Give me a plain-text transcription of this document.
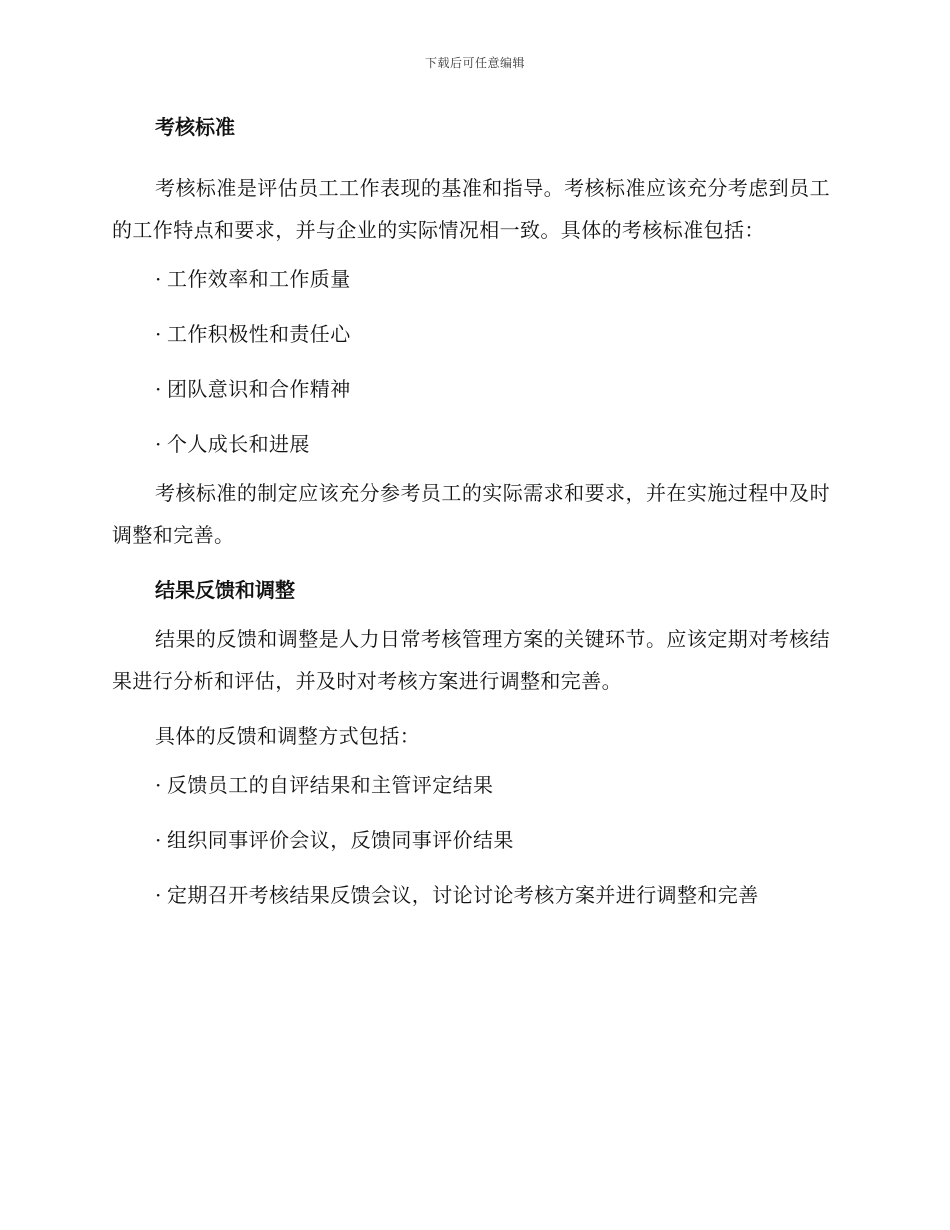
下载后可任意编辑
考核标准

考核标准是评估员工工作表现的基准和指导。考核标准应该充分考虑到员工的工作特点和要求，并与企业的实际情况相一致。具体的考核标准包括：

· 工作效率和工作质量
· 工作积极性和责任心
· 团队意识和合作精神
· 个人成长和进展

考核标准的制定应该充分参考员工的实际需求和要求，并在实施过程中及时调整和完善。

结果反馈和调整

结果的反馈和调整是人力日常考核管理方案的关键环节。应该定期对考核结果进行分析和评估，并及时对考核方案进行调整和完善。

具体的反馈和调整方式包括：

· 反馈员工的自评结果和主管评定结果
· 组织同事评价会议，反馈同事评价结果
· 定期召开考核结果反馈会议，讨论讨论考核方案并进行调整和完善
